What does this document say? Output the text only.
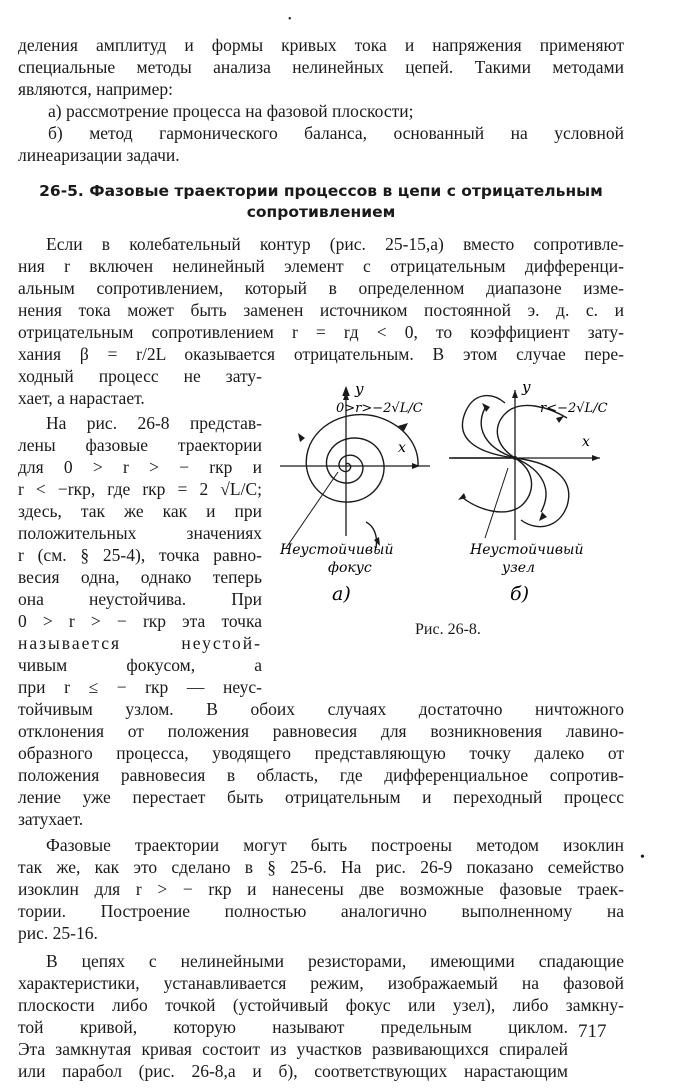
•
деления амплитуд и формы кривых тока и напряжения применяют
специальные методы анализа нелинейных цепей. Такими методами
являются, например:
а) рассмотрение процесса на фазовой плоскости;
б) метод гармонического баланса, основанный на условной
линеаризации задачи.
26-5. Фазовые траектории процессов в цепи с отрицательным
сопротивлением
Если в колебательный контур (рис. 25-15,а) вместо сопротивле-
ния r включен нелинейный элемент с отрицательным дифференци-
альным сопротивлением, который в определенном диапазоне изме-
нения тока может быть заменен источником постоянной э. д. с. и
отрицательным сопротивлением r = rд < 0, то коэффициент зату-
хания β = r/2L оказывается отрицательным. В этом случае пере-
ходный процесс не зату-
хает, а нарастает.
На рис. 26-8 представ-
лены фазовые траектории
для 0 > r > − rкр и
r < −rкр, где rкр = 2 √L/C;
здесь, так же как и при
положительных значениях
r (см. § 25-4), точка равно-
весия одна, однако теперь
она неустойчива. При
0 > r > − rкр эта точка
называется неустой-
чивым фокусом, а
при r ≤ − rкр — неус-
тойчивым узлом. В обоих случаях достаточно ничтожного
отклонения от положения равновесия для возникновения лавино-
образного процесса, уводящего представляющую точку далеко от
положения равновесия в область, где дифференциальное сопротив-
ление уже перестает быть отрицательным и переходный процесс
затухает.
Фазовые траектории могут быть построены методом изоклин
так же, как это сделано в § 25-6. На рис. 26-9 показано семейство
изоклин для r > − rкр и нанесены две возможные фазовые траек-
тории. Построение полностью аналогично выполненному на
рис. 25-16.
•
В цепях с нелинейными резисторами, имеющими спадающие
характеристики, устанавливается режим, изображаемый на фазовой
плоскости либо точкой (устойчивый фокус или узел), либо замкну-
той кривой, которую называют предельным циклом.
Эта замкнутая кривая состоит из участков развивающихся спиралей
или парабол (рис. 26-8,а и б), соответствующих нарастающим
y
x
0>r>−2√L/C
Неустойчивый
фокус
а)
y
x
r<−2√L/C
Неустойчивый
узел
б)
Рис. 26-8.
717
